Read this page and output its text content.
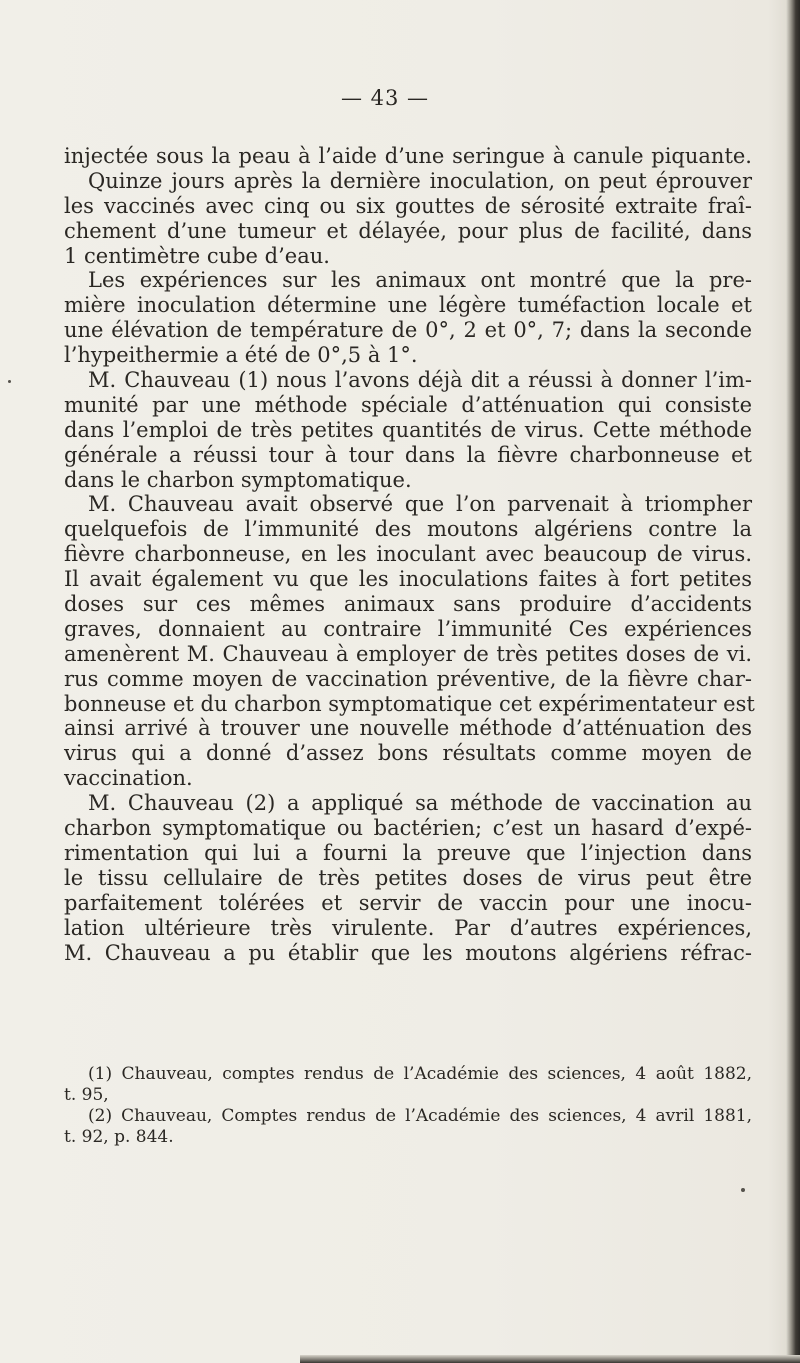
— 43 —
injectée sous la peau à l’aide d’une seringue à canule piquante.
Quinze jours après la dernière inoculation, on peut éprouver
les vaccinés avec cinq ou six gouttes de sérosité extraite fraî-
chement d’une tumeur et délayée, pour plus de facilité, dans
1 centimètre cube d’eau.
Les expériences sur les animaux ont montré que la pre-
mière inoculation détermine une légère tuméfaction locale et
une élévation de température de 0°, 2 et 0°, 7; dans la seconde
l’hypeithermie a été de 0°,5 à 1°.
M. Chauveau (1) nous l’avons déjà dit a réussi à donner l’im-
munité par une méthode spéciale d’atténuation qui consiste
dans l’emploi de très petites quantités de virus. Cette méthode
générale a réussi tour à tour dans la fièvre charbonneuse et
dans le charbon symptomatique.
M. Chauveau avait observé que l’on parvenait à triompher
quelquefois de l’immunité des moutons algériens contre la
fièvre charbonneuse, en les inoculant avec beaucoup de virus.
Il avait également vu que les inoculations faites à fort petites
doses sur ces mêmes animaux sans produire d’accidents
graves, donnaient au contraire l’immunité Ces expériences
amenèrent M. Chauveau à employer de très petites doses de vi.
rus comme moyen de vaccination préventive, de la fièvre char-
bonneuse et du charbon symptomatique cet expérimentateur est
ainsi arrivé à trouver une nouvelle méthode d’atténuation des
virus qui a donné d’assez bons résultats comme moyen de
vaccination.
M. Chauveau (2) a appliqué sa méthode de vaccination au
charbon symptomatique ou bactérien; c’est un hasard d’expé-
rimentation qui lui a fourni la preuve que l’injection dans
le tissu cellulaire de très petites doses de virus peut être
parfaitement tolérées et servir de vaccin pour une inocu-
lation ultérieure très virulente. Par d’autres expériences,
M. Chauveau a pu établir que les moutons algériens réfrac-
(1) Chauveau, comptes rendus de l’Académie des sciences, 4 août 1882,
t. 95,
(2) Chauveau, Comptes rendus de l’Académie des sciences, 4 avril 1881,
t. 92, p. 844.
